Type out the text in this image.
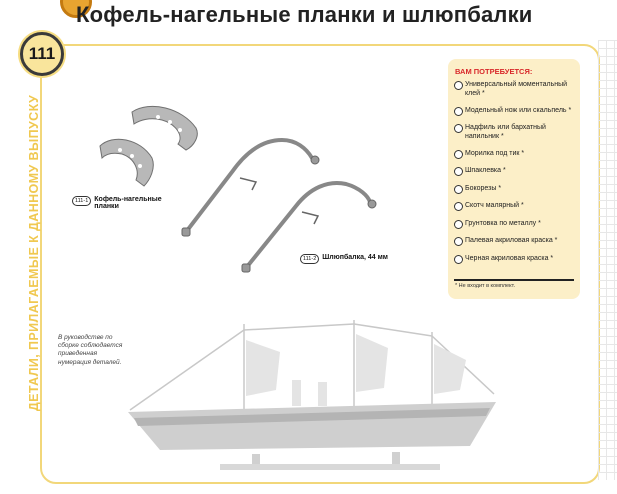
Кофель-нагельные планки и шлюпбалки
111
ДЕТАЛИ, ПРИЛАГАЕМЫЕ К ДАННОМУ ВЫПУСКУ	111-1 Кофель-нагельные планки
111-2 Шлюпбалка, 44 мм
В руководстве по сборке соблюдается приведенная нумерация деталей.
ВАМ ПОТРЕБУЕТСЯ:
Универсальный моментальный клей *
Модельный нож или скальпель *
Надфиль или бархатный напильник *
Морилка под тик *
Шпаклевка *
Бокорезы *
Скотч малярный *
Грунтовка по металлу *
Палевая акриловая краска *
Черная акриловая краска *
* Не входит в комплект.
